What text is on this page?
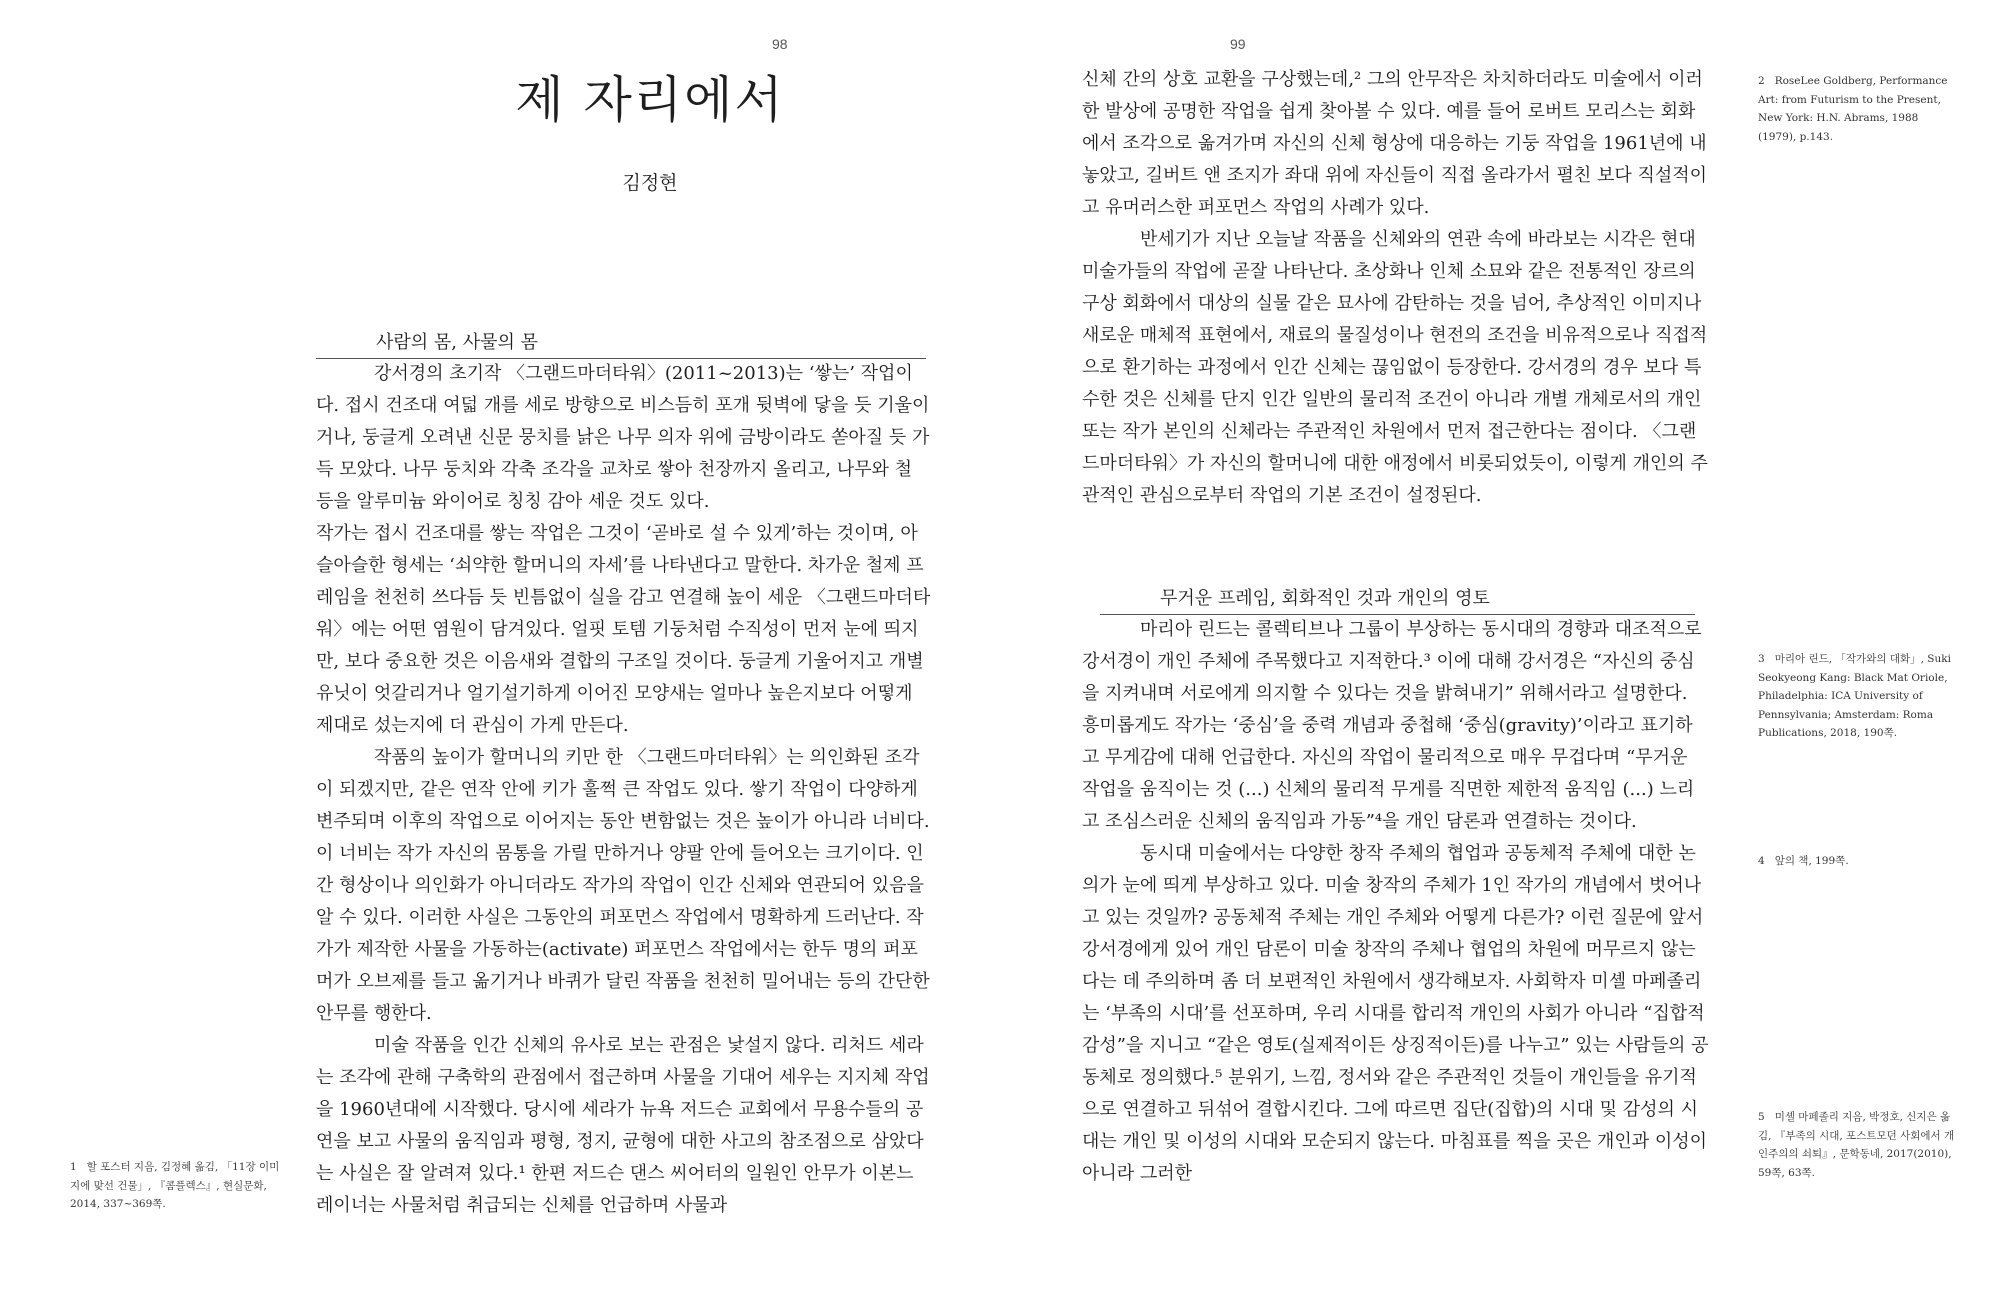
98
제 자리에서
김정현
사람의 몸, 사물의 몸

강서경의 초기작 〈그랜드마더타워〉(2011~2013)는 ‘쌓는’ 작업이다. 접시 건조대 여덟 개를 세로 방향으로 비스듬히 포개 뒷벽에 닿을 듯 기울이거나, 둥글게 오려낸 신문 뭉치를 낡은 나무 의자 위에 금방이라도 쏟아질 듯 가득 모았다. 나무 둥치와 각축 조각을 교차로 쌓아 천장까지 올리고, 나무와 철 등을 알루미늄 와이어로 칭칭 감아 세운 것도 있다.

작가는 접시 건조대를 쌓는 작업은 그것이 ‘곧바로 설 수 있게’하는 것이며, 아슬아슬한 형세는 ‘쇠약한 할머니의 자세’를 나타낸다고 말한다. 차가운 철제 프레임을 천천히 쓰다듬 듯 빈틈없이 실을 감고 연결해 높이 세운 〈그랜드마더타워〉에는 어떤 염원이 담겨있다. 얼핏 토템 기둥처럼 수직성이 먼저 눈에 띄지만, 보다 중요한 것은 이음새와 결합의 구조일 것이다. 둥글게 기울어지고 개별 유닛이 엇갈리거나 얼기설기하게 이어진 모양새는 얼마나 높은지보다 어떻게 제대로 섰는지에 더 관심이 가게 만든다.

작품의 높이가 할머니의 키만 한 〈그랜드마더타워〉는 의인화된 조각이 되겠지만, 같은 연작 안에 키가 훌쩍 큰 작업도 있다. 쌓기 작업이 다양하게 변주되며 이후의 작업으로 이어지는 동안 변함없는 것은 높이가 아니라 너비다. 이 너비는 작가 자신의 몸통을 가릴 만하거나 양팔 안에 들어오는 크기이다. 인간 형상이나 의인화가 아니더라도 작가의 작업이 인간 신체와 연관되어 있음을 알 수 있다. 이러한 사실은 그동안의 퍼포먼스 작업에서 명확하게 드러난다. 작가가 제작한 사물을 가동하는(activate) 퍼포먼스 작업에서는 한두 명의 퍼포머가 오브제를 들고 옮기거나 바퀴가 달린 작품을 천천히 밀어내는 등의 간단한 안무를 행한다.

미술 작품을 인간 신체의 유사로 보는 관점은 낯설지 않다. 리처드 세라는 조각에 관해 구축학의 관점에서 접근하며 사물을 기대어 세우는 지지체 작업을 1960년대에 시작했다. 당시에 세라가 뉴욕 저드슨 교회에서 무용수들의 공연을 보고 사물의 움직임과 평형, 정지, 균형에 대한 사고의 참조점으로 삼았다는 사실은 잘 알려져 있다.¹ 한편 저드슨 댄스 씨어터의 일원인 안무가 이본느 레이너는 사물처럼 취급되는 신체를 언급하며 사물과

1 할 포스터 지음, 김정혜 옮김, 「11장 이미지에 맞선 건물」, 『콤플렉스』, 현실문화, 2014, 337~369쪽.
99

신체 간의 상호 교환을 구상했는데,² 그의 안무작은 차치하더라도 미술에서 이러한 발상에 공명한 작업을 쉽게 찾아볼 수 있다. 예를 들어 로버트 모리스는 회화에서 조각으로 옮겨가며 자신의 신체 형상에 대응하는 기둥 작업을 1961년에 내놓았고, 길버트 앤 조지가 좌대 위에 자신들이 직접 올라가서 펼친 보다 직설적이고 유머러스한 퍼포먼스 작업의 사례가 있다.

반세기가 지난 오늘날 작품을 신체와의 연관 속에 바라보는 시각은 현대 미술가들의 작업에 곧잘 나타난다. 초상화나 인체 소묘와 같은 전통적인 장르의 구상 회화에서 대상의 실물 같은 묘사에 감탄하는 것을 넘어, 추상적인 이미지나 새로운 매체적 표현에서, 재료의 물질성이나 현전의 조건을 비유적으로나 직접적으로 환기하는 과정에서 인간 신체는 끊임없이 등장한다. 강서경의 경우 보다 특수한 것은 신체를 단지 인간 일반의 물리적 조건이 아니라 개별 개체로서의 개인 또는 작가 본인의 신체라는 주관적인 차원에서 먼저 접근한다는 점이다. 〈그랜드마더타워〉가 자신의 할머니에 대한 애정에서 비롯되었듯이, 이렇게 개인의 주관적인 관심으로부터 작업의 기본 조건이 설정된다.

무거운 프레임, 회화적인 것과 개인의 영토

마리아 린드는 콜렉티브나 그룹이 부상하는 동시대의 경향과 대조적으로 강서경이 개인 주체에 주목했다고 지적한다.³ 이에 대해 강서경은 “자신의 중심을 지켜내며 서로에게 의지할 수 있다는 것을 밝혀내기” 위해서라고 설명한다. 흥미롭게도 작가는 ‘중심’을 중력 개념과 중첩해 ‘중심(gravity)’이라고 표기하고 무게감에 대해 언급한다. 자신의 작업이 물리적으로 매우 무겁다며 “무거운 작업을 움직이는 것 (...) 신체의 물리적 무게를 직면한 제한적 움직임 (...) 느리고 조심스러운 신체의 움직임과 가동”⁴을 개인 담론과 연결하는 것이다.

동시대 미술에서는 다양한 창작 주체의 협업과 공동체적 주체에 대한 논의가 눈에 띄게 부상하고 있다. 미술 창작의 주체가 1인 작가의 개념에서 벗어나고 있는 것일까? 공동체적 주체는 개인 주체와 어떻게 다른가? 이런 질문에 앞서 강서경에게 있어 개인 담론이 미술 창작의 주체나 협업의 차원에 머무르지 않는다는 데 주의하며 좀 더 보편적인 차원에서 생각해보자. 사회학자 미셸 마페졸리는 ‘부족의 시대’를 선포하며, 우리 시대를 합리적 개인의 사회가 아니라 “집합적 감성”을 지니고 “같은 영토(실제적이든 상징적이든)를 나누고” 있는 사람들의 공동체로 정의했다.⁵ 분위기, 느낌, 정서와 같은 주관적인 것들이 개인들을 유기적으로 연결하고 뒤섞어 결합시킨다. 그에 따르면 집단(집합)의 시대 및 감성의 시대는 개인 및 이성의 시대와 모순되지 않는다. 마침표를 찍을 곳은 개인과 이성이 아니라 그러한

2 RoseLee Goldberg, Performance Art: from Futurism to the Present, New York: H.N. Abrams, 1988 (1979), p.143.
3 마리아 린드, 「작가와의 대화」, Suki Seokyeong Kang: Black Mat Oriole, Philadelphia: ICA University of Pennsylvania; Amsterdam: Roma Publications, 2018, 190쪽.
4 앞의 책, 199쪽.
5 미셸 마페졸리 지음, 박정호, 신지은 옮김, 『부족의 시대, 포스트모던 사회에서 개인주의의 쇠퇴』, 문학동네, 2017(2010), 59쪽, 63쪽.
